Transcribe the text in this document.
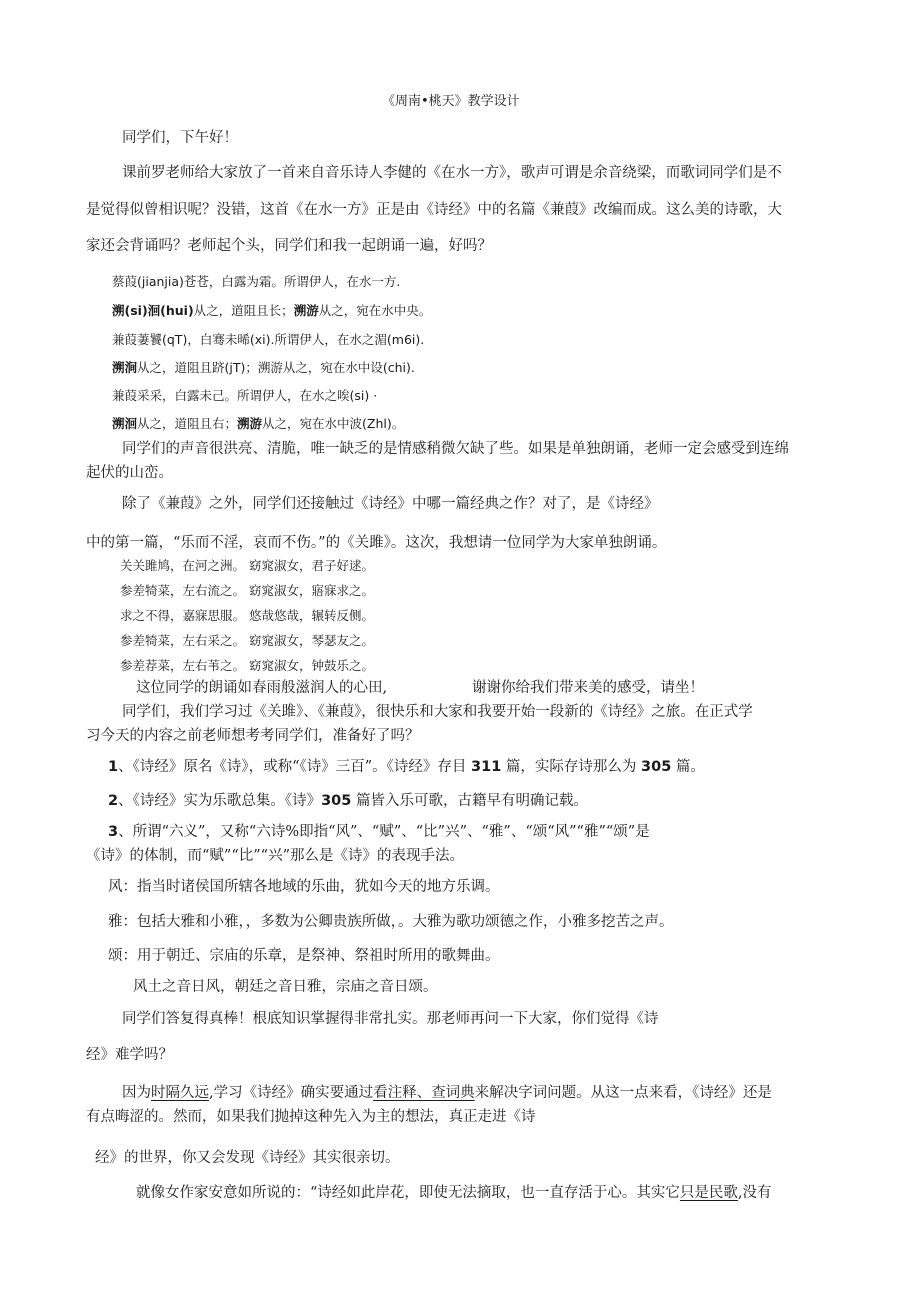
《周南•桃天》教学设计
同学们，下午好！
课前罗老师给大家放了一首来自音乐诗人李健的《在水一方》，歌声可谓是余音绕梁，而歌词同学们是不
是觉得似曾相识呢？没错，这首《在水一方》正是由《诗经》中的名篇《兼葭》改编而成。这么美的诗歌，大
家还会背诵吗？老师起个头，同学们和我一起朗诵一遍，好吗？
蔡葭(jianjia)苍苍，白露为霜。所谓伊人，在水一方.
溯(si)洄(hui)从之，道阻且长；溯游从之，宛在水中央。
兼葭萋饕(qT)，白骞未晞(xi).所谓伊人，在水之湄(m6i).
溯涧从之，道阻且跻(jT)；溯游从之，宛在水中设(chi).
兼葭采采，白露未己。所谓伊人，在水之唉(si) ·
溯洄从之，道阻且右；溯游从之，宛在水中波(Zhl)。
同学们的声音很洪亮、清脆，唯一缺乏的是情感稍微欠缺了些。如果是单独朗诵，老师一定会感受到连绵
起伏的山峦。
除了《兼葭》之外，同学们还接触过《诗经》中哪一篇经典之作？对了，是《诗经》
中的第一篇，“乐而不淫，哀而不伤。”的《关雎》。这次，我想请一位同学为大家单独朗诵。
关关雎鸠，在河之洲。 窈窕淑女，君子好逑。
参差犄菜，左右流之。 窈窕淑女，寤寐求之。
求之不得，嘉寐思服。 悠哉悠哉，辗转反侧。
参差犄菜，左右采之。 窈窕淑女，琴瑟友之。
参差荐菜，左右苇之。 窈窕淑女，钟鼓乐之。
这位同学的朗诵如春雨般滋润人的心田,	谢谢你给我们带来美的感受，请坐！
同学们，我们学习过《关雎》、《兼葭》，很快乐和大家和我要开始一段新的《诗经》之旅。在正式学
习今天的内容之前老师想考考同学们，准备好了吗？
1、《诗经》原名《诗》，或称“《诗》三百”。《诗经》存目 311 篇，实际存诗那么为 305 篇。
2、《诗经》实为乐歌总集。《诗》305 篇皆入乐可歌，古籍早有明确记载。
3、所谓“六义”，又称“六诗%即指“风”、“赋”、“比”兴”、“雅”、“颂“风”“雅”“颂”是
《诗》的体制，而“赋”“比”“兴”那么是《诗》的表现手法。
风：指当时诸侯国所辖各地域的乐曲，犹如今天的地方乐调。
雅：包括大雅和小雅，，多数为公卿贵族所做，。大雅为歌功颂德之作，小雅多挖苦之声。
颂：用于朝迁、宗庙的乐章，是祭神、祭祖时所用的歌舞曲。
风土之音日风，朝廷之音日雅，宗庙之音日颂。
同学们答复得真棒！根底知识掌握得非常扎实。那老师再问一下大家，你们觉得《诗
经》难学吗？
因为时隔久远,学习《诗经》确实要通过看注释、查词典来解决字词问题。从这一点来看，《诗经》还是
有点晦涩的。然而，如果我们抛掉这种先入为主的想法，真正走进《诗
经》的世界，你又会发现《诗经》其实很亲切。
就像女作家安意如所说的：“诗经如此岸花，即使无法摘取，也一直存活于心。其实它只是民歌,没有
